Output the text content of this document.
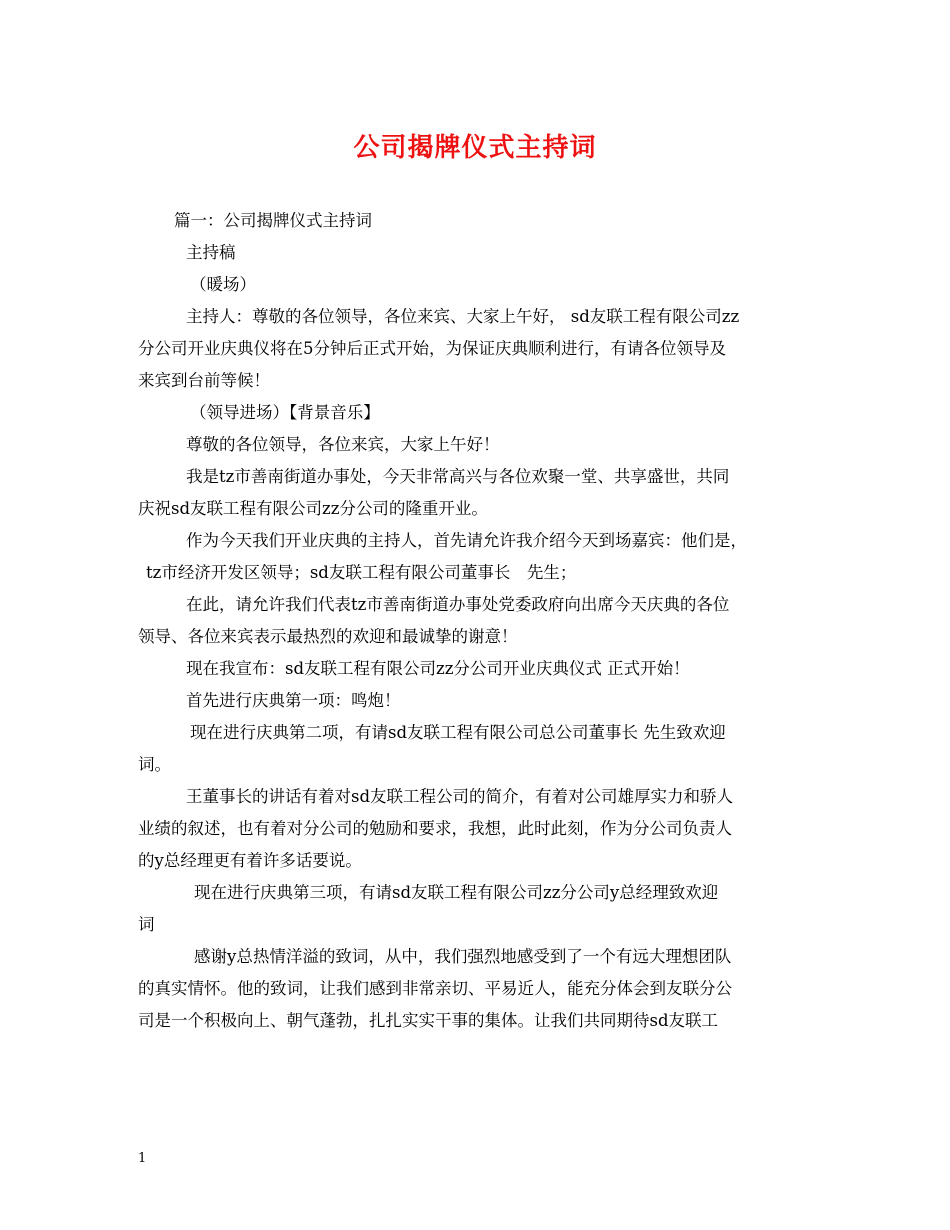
公司揭牌仪式主持词
篇一：公司揭牌仪式主持词
主持稿
（暖场）
主持人：尊敬的各位领导，各位来宾、大家上午好， sd友联工程有限公司zz
分公司开业庆典仪将在5分钟后正式开始，为保证庆典顺利进行，有请各位领导及
来宾到台前等候！
（领导进场）【背景音乐】
尊敬的各位领导，各位来宾，大家上午好！
我是tz市善南街道办事处，今天非常高兴与各位欢聚一堂、共享盛世，共同
庆祝sd友联工程有限公司zz分公司的隆重开业。
作为今天我们开业庆典的主持人，首先请允许我介绍今天到场嘉宾：他们是，
tz市经济开发区领导；sd友联工程有限公司董事长　先生；
在此，请允许我们代表tz市善南街道办事处党委政府向出席今天庆典的各位
领导、各位来宾表示最热烈的欢迎和最诚挚的谢意！
现在我宣布：sd友联工程有限公司zz分公司开业庆典仪式 正式开始！
首先进行庆典第一项：鸣炮！
现在进行庆典第二项，有请sd友联工程有限公司总公司董事长 先生致欢迎
词。
王董事长的讲话有着对sd友联工程公司的简介，有着对公司雄厚实力和骄人
业绩的叙述，也有着对分公司的勉励和要求，我想，此时此刻，作为分公司负责人
的y总经理更有着许多话要说。
现在进行庆典第三项，有请sd友联工程有限公司zz分公司y总经理致欢迎
词
感谢y总热情洋溢的致词，从中，我们强烈地感受到了一个有远大理想团队
的真实情怀。他的致词，让我们感到非常亲切、平易近人，能充分体会到友联分公
司是一个积极向上、朝气蓬勃，扎扎实实干事的集体。让我们共同期待sd友联工
1
